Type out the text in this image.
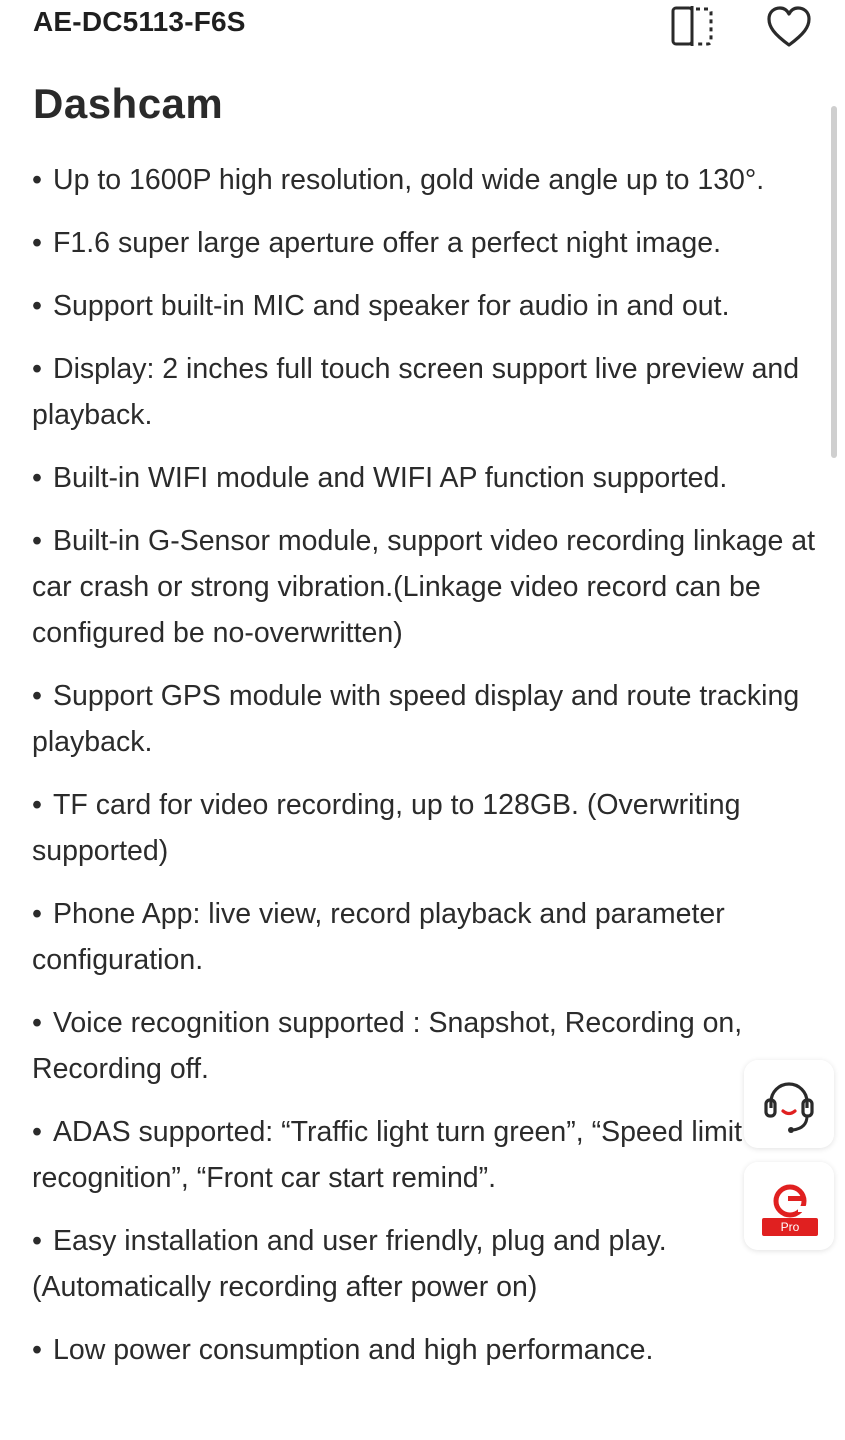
AE-DC5113-F6S
Dashcam
• Up to 1600P high resolution, gold wide angle up to 130°.
• F1.6 super large aperture offer a perfect night image.
• Support built-in MIC and speaker for audio in and out.
• Display: 2 inches full touch screen support live preview and playback.
• Built-in WIFI module and WIFI AP function supported.
• Built-in G-Sensor module, support video recording linkage at car crash or strong vibration.(Linkage video record can be configured be no-overwritten)
• Support GPS module with speed display and route tracking playback.
• TF card for video recording, up to 128GB. (Overwriting supported)
• Phone App: live view, record playback and parameter configuration.
• Voice recognition supported : Snapshot, Recording on, Recording off.
• ADAS supported: “Traffic light turn green”, “Speed limit recognition”, “Front car start remind”.
• Easy installation and user friendly, plug and play. (Automatically recording after power on)
• Low power consumption and high performance.
Pro
